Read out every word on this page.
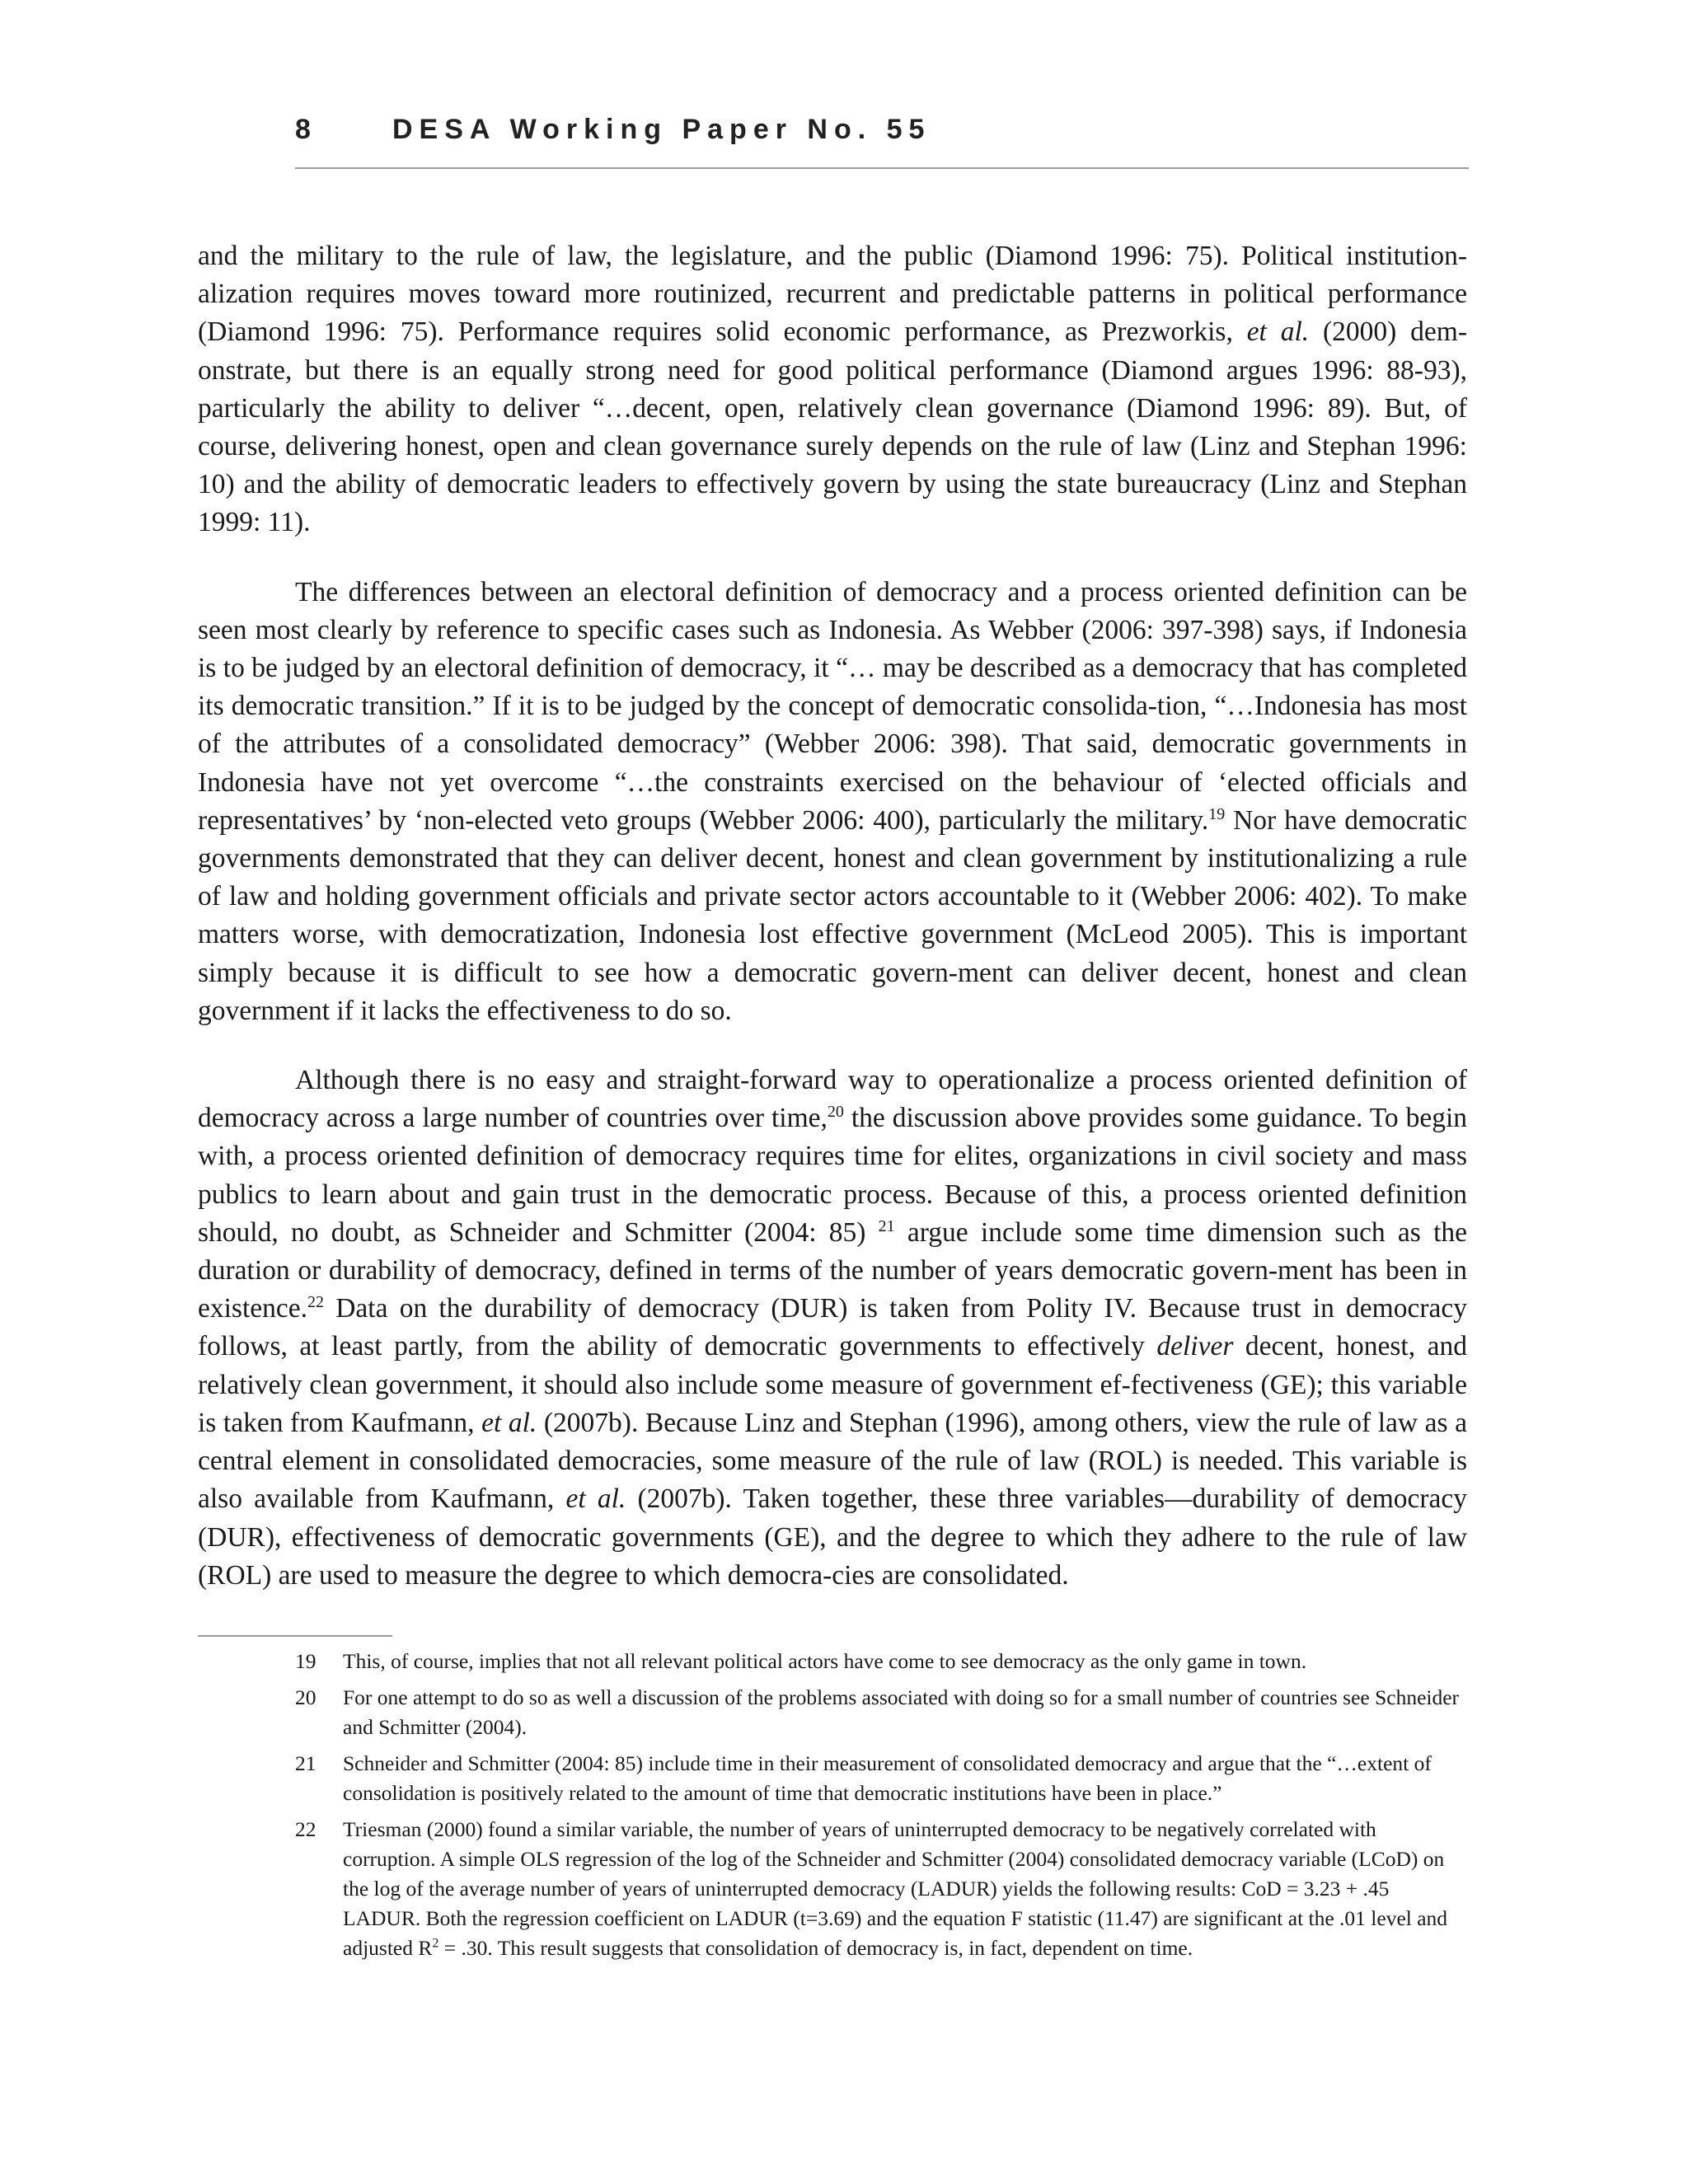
8	DESA Working Paper No. 55

and the military to the rule of law, the legislature, and the public (Diamond 1996: 75). Political institution-alization requires moves toward more routinized, recurrent and predictable patterns in political performance (Diamond 1996: 75). Performance requires solid economic performance, as Prezworkis, et al. (2000) dem-onstrate, but there is an equally strong need for good political performance (Diamond argues 1996: 88-93), particularly the ability to deliver “…decent, open, relatively clean governance (Diamond 1996: 89). But, of course, delivering honest, open and clean governance surely depends on the rule of law (Linz and Stephan 1996: 10) and the ability of democratic leaders to effectively govern by using the state bureaucracy (Linz and Stephan 1999: 11).

The differences between an electoral definition of democracy and a process oriented definition can be seen most clearly by reference to specific cases such as Indonesia. As Webber (2006: 397-398) says, if Indonesia is to be judged by an electoral definition of democracy, it “… may be described as a democracy that has completed its democratic transition.” If it is to be judged by the concept of democratic consolida-tion, “…Indonesia has most of the attributes of a consolidated democracy” (Webber 2006: 398). That said, democratic governments in Indonesia have not yet overcome “…the constraints exercised on the behaviour of ‘elected officials and representatives’ by ‘non-elected veto groups (Webber 2006: 400), particularly the military.$^{19}$ Nor have democratic governments demonstrated that they can deliver decent, honest and clean government by institutionalizing a rule of law and holding government officials and private sector actors accountable to it (Webber 2006: 402). To make matters worse, with democratization, Indonesia lost effective government (McLeod 2005). This is important simply because it is difficult to see how a democratic govern-ment can deliver decent, honest and clean government if it lacks the effectiveness to do so.

Although there is no easy and straight-forward way to operationalize a process oriented definition of democracy across a large number of countries over time,$^{20}$ the discussion above provides some guidance. To begin with, a process oriented definition of democracy requires time for elites, organizations in civil society and mass publics to learn about and gain trust in the democratic process. Because of this, a process oriented definition should, no doubt, as Schneider and Schmitter (2004: 85) $^{21}$ argue include some time dimension such as the duration or durability of democracy, defined in terms of the number of years democratic govern-ment has been in existence.$^{22}$ Data on the durability of democracy (DUR) is taken from Polity IV. Because trust in democracy follows, at least partly, from the ability of democratic governments to effectively deliver decent, honest, and relatively clean government, it should also include some measure of government ef-fectiveness (GE); this variable is taken from Kaufmann, et al. (2007b). Because Linz and Stephan (1996), among others, view the rule of law as a central element in consolidated democracies, some measure of the rule of law (ROL) is needed. This variable is also available from Kaufmann, et al. (2007b). Taken together, these three variables—durability of democracy (DUR), effectiveness of democratic governments (GE), and the degree to which they adhere to the rule of law (ROL) are used to measure the degree to which democra-cies are consolidated.

19	This, of course, implies that not all relevant political actors have come to see democracy as the only game in town.
20	For one attempt to do so as well a discussion of the problems associated with doing so for a small number of countries see Schneider and Schmitter (2004).
21	Schneider and Schmitter (2004: 85) include time in their measurement of consolidated democracy and argue that the “…extent of consolidation is positively related to the amount of time that democratic institutions have been in place.”
22	Triesman (2000) found a similar variable, the number of years of uninterrupted democracy to be negatively correlated with corruption. A simple OLS regression of the log of the Schneider and Schmitter (2004) consolidated democracy variable (LCoD) on the log of the average number of years of uninterrupted democracy (LADUR) yields the following results: CoD = 3.23 + .45 LADUR. Both the regression coefficient on LADUR (t=3.69) and the equation F statistic (11.47) are significant at the .01 level and adjusted $R^2 = .30$. This result suggests that consolidation of democracy is, in fact, dependent on time.
